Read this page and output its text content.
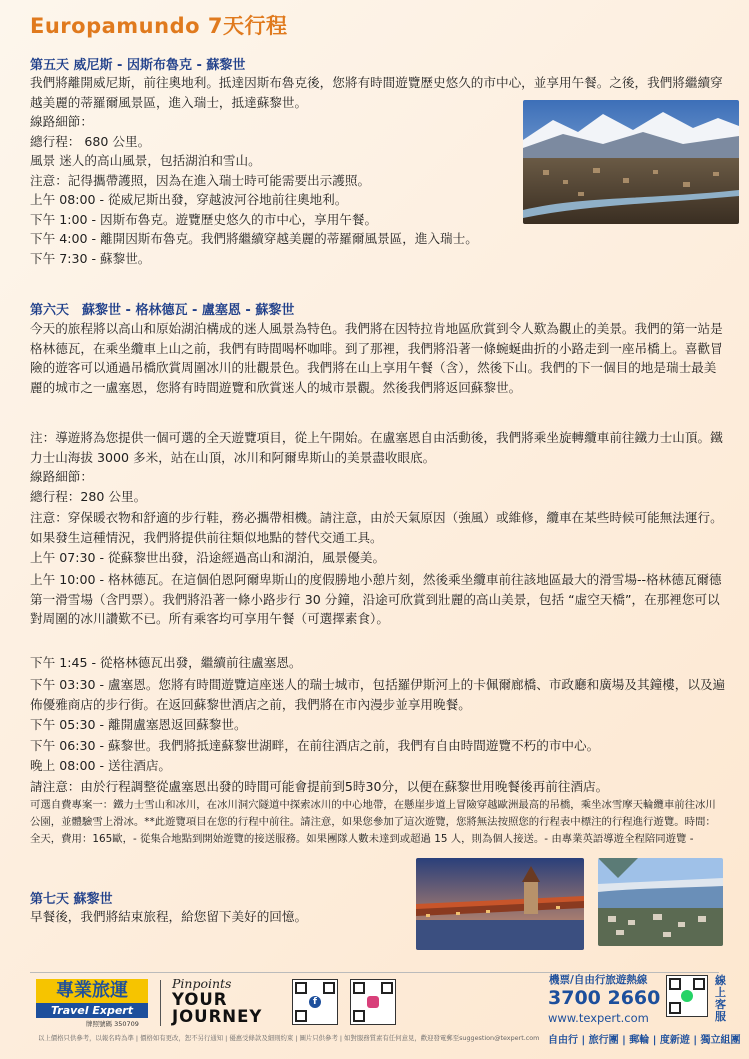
Europamundo 7天行程
第五天 威尼斯 - 因斯布魯克 - 蘇黎世

我們將離開威尼斯，前往奧地利。抵達因斯布魯克後，您將有時間遊覽歷史悠久的市中心，並享用午餐。之後，我們將繼續穿越美麗的蒂羅爾風景區，進入瑞士，抵達蘇黎世。

線路細節：
總行程： 680 公里。
風景 迷人的高山風景，包括湖泊和雪山。
注意：記得攜帶護照，因為在進入瑞士時可能需要出示護照。
上午 08:00 - 從威尼斯出發，穿越波河谷地前往奧地利。
下午 1:00 - 因斯布魯克。遊覽歷史悠久的市中心，享用午餐。
下午 4:00 - 離開因斯布魯克。我們將繼續穿越美麗的蒂羅爾風景區，進入瑞士。
下午 7:30 - 蘇黎世。
第六天　蘇黎世 - 格林德瓦 - 盧塞恩 - 蘇黎世

今天的旅程將以高山和原始湖泊構成的迷人風景為特色。我們將在因特拉肯地區欣賞到令人歎為觀止的美景。我們的第一站是格林德瓦，在乘坐纜車上山之前，我們有時間喝杯咖啡。到了那裡，我們將沿著一條蜿蜒曲折的小路走到一座吊橋上。喜歡冒險的遊客可以通過吊橋欣賞周圍冰川的壯觀景色。我們將在山上享用午餐（含），然後下山。我們的下一個目的地是瑞士最美麗的城市之一盧塞恩，您將有時間遊覽和欣賞迷人的城市景觀。然後我們將返回蘇黎世。

注：導遊將為您提供一個可選的全天遊覽項目，從上午開始。在盧塞恩自由活動後，我們將乘坐旋轉纜車前往鐵力士山頂。鐵力士山海拔 3000 多米，站在山頂，冰川和阿爾卑斯山的美景盡收眼底。

線路細節：
總行程：280 公里。

注意：穿保暖衣物和舒適的步行鞋，務必攜帶相機。請注意，由於天氣原因（強風）或維修，纜車在某些時候可能無法運行。如果發生這種情況，我們將提供前往類似地點的替代交通工具。

上午 07:30 - 從蘇黎世出發，沿途經過高山和湖泊，風景優美。

上午 10:00 - 格林德瓦。在這個伯恩阿爾卑斯山的度假勝地小憩片刻，然後乘坐纜車前往該地區最大的滑雪場--格林德瓦爾德第一滑雪場（含門票）。我們將沿著一條小路步行 30 分鐘，沿途可欣賞到壯麗的高山美景，包括 “虛空天橋”，在那裡您可以對周圍的冰川讚歎不已。所有乘客均可享用午餐（可選擇素食）。

下午 1:45 - 從格林德瓦出發，繼續前往盧塞恩。

下午 03:30 - 盧塞恩。您將有時間遊覽這座迷人的瑞士城市，包括羅伊斯河上的卡佩爾廊橋、市政廳和廣場及其鐘樓，以及遍佈優雅商店的步行街。在返回蘇黎世酒店之前，我們將在市內漫步並享用晚餐。

下午 05:30 - 離開盧塞恩返回蘇黎世。
下午 06:30 - 蘇黎世。我們將抵達蘇黎世湖畔，在前往酒店之前，我們有自由時間遊覽不朽的市中心。
晚上 08:00 - 送往酒店。

請注意：由於行程調整從盧塞恩出發的時間可能會提前到5時30分，以便在蘇黎世用晚餐後再前往酒店。

可選自費專案一：鐵力士雪山和冰川，在冰川洞穴隧道中探索冰川的中心地帶，在懸崖步道上冒險穿越歐洲最高的吊橋，乘坐冰雪摩天輪纜車前往冰川公園，並體驗雪上滑冰。**此遊覽項目在您的行程中前往。請注意，如果您參加了這次遊覽，您將無法按照您的行程表中標注的行程進行遊覽。時間：全天，費用：165歐，- 從集合地點到開始遊覽的接送服務。如果團隊人數未達到或超過 15 人，則為個人接送。- 由專業英語導遊全程陪同遊覽 -

第七天 蘇黎世
早餐後，我們將結束旅程，給您留下美好的回憶。
專業旅運
Travel Expert
牌照號碼 350709
Pinpoints
YOUR
JOURNEY
f
機票/自由行旅遊熱線
3700 2660
www.texpert.com
線上客服
自由行 | 旅行團 | 郵輪 | 度新遊 | 獨立組團
以上價格只供參考，以報名時為準 | 價格如有更改，恕不另行通知 | 優惠受條款及細則約束 | 圖片只供參考 | 如對服務質素有任何意見，歡迎發電郵至suggestion@texpert.com
